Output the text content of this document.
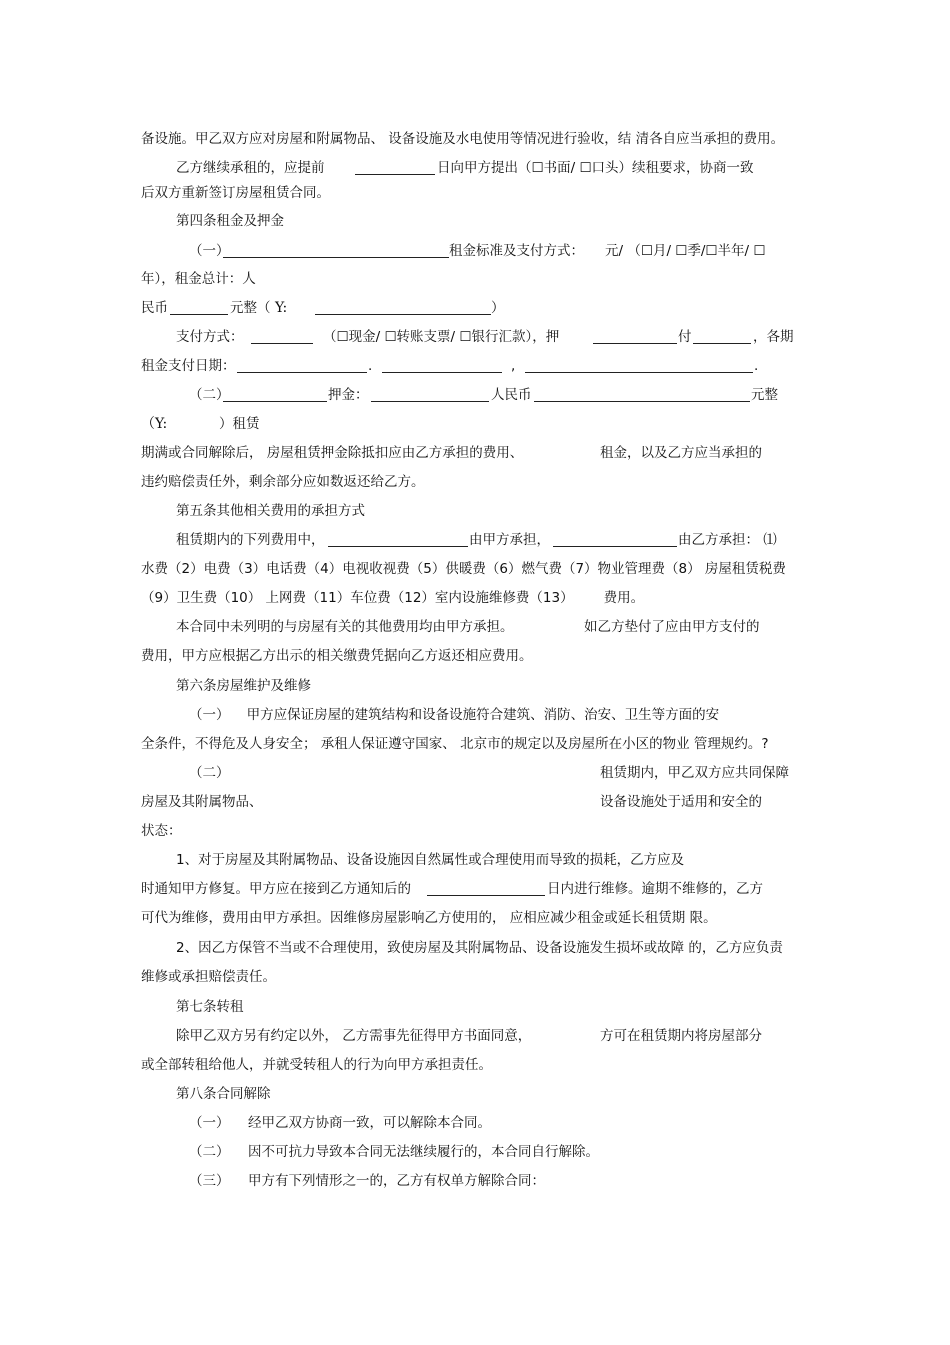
备设施。甲乙双方应对房屋和附属物品、 设备设施及水电使用等情况进行验收，结 清各自应当承担的费用。
乙方继续承租的，应提前	日向甲方提出（☐书面/ ☐口头）续租要求，协商一致
后双方重新签订房屋租赁合同。
第四条租金及押金
（一）	租金标准及支付方式： 元/ （☐月/ ☐季/☐半年/ ☐
年），租金总计：人
民币	元整（ Y:	）
支付方式：	（☐现金/ ☐转账支票/ ☐银行汇款），押	付	，各期
租金支付日期：	.	,	.
（二）	押金：	人民币	元整
（Y:	）租赁
期满或合同解除后， 房屋租赁押金除抵扣应由乙方承担的费用、	租金，以及乙方应当承担的
违约赔偿责任外，剩余部分应如数返还给乙方。
第五条其他相关费用的承担方式
租赁期内的下列费用中，	由甲方承担，	由乙方承担： ⑴
水费（2）电费（3）电话费（4）电视收视费（5）供暖费（6）燃气费（7）物业管理费（8） 房屋租赁税费
（9）卫生费（10） 上网费（11）车位费（12）室内设施维修费（13）       费用。
本合同中未列明的与房屋有关的其他费用均由甲方承担。	如乙方垫付了应由甲方支付的
费用，甲方应根据乙方出示的相关缴费凭据向乙方返还相应费用。
第六条房屋维护及维修
（一）    甲方应保证房屋的建筑结构和设备设施符合建筑、消防、治安、卫生等方面的安
全条件，不得危及人身安全； 承租人保证遵守国家、 北京市的规定以及房屋所在小区的物业 管理规约。?
（二）	租赁期内，甲乙双方应共同保障
房屋及其附属物品、	设备设施处于适用和安全的
状态：
1、对于房屋及其附属物品、设备设施因自然属性或合理使用而导致的损耗，乙方应及
时通知甲方修复。甲方应在接到乙方通知后的	日内进行维修。逾期不维修的，乙方
可代为维修，费用由甲方承担。因维修房屋影响乙方使用的， 应相应减少租金或延长租赁期 限。
2、因乙方保管不当或不合理使用，致使房屋及其附属物品、设备设施发生损坏或故障 的，乙方应负责
维修或承担赔偿责任。
第七条转租
除甲乙双方另有约定以外， 乙方需事先征得甲方书面同意，	方可在租赁期内将房屋部分
或全部转租给他人，并就受转租人的行为向甲方承担责任。
第八条合同解除
（一） 经甲乙双方协商一致，可以解除本合同。
（二） 因不可抗力导致本合同无法继续履行的，本合同自行解除。
（三） 甲方有下列情形之一的，乙方有权单方解除合同：
